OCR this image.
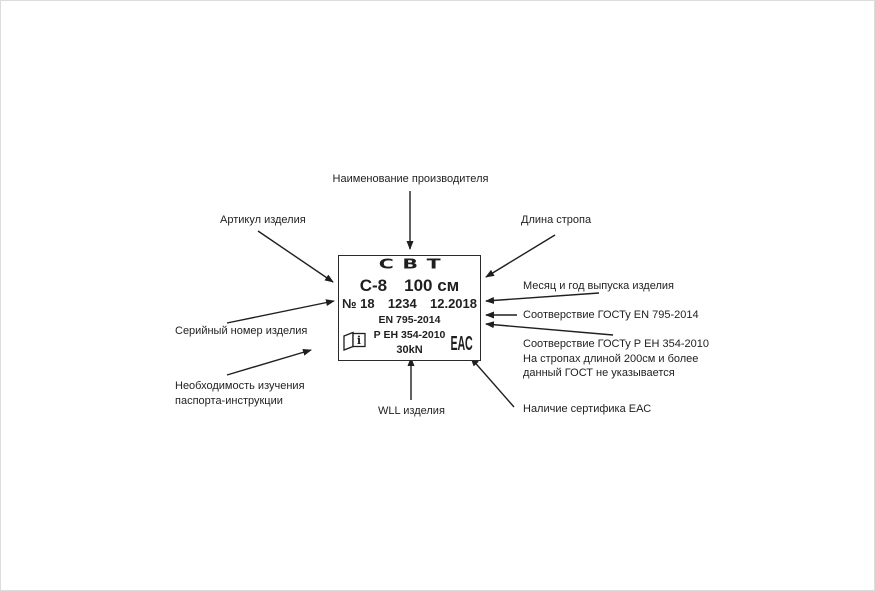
Наименование производителя
Артикул изделия	Длина стропа
Месяц и год выпуска изделия
Соотверствие ГОСТу EN 795-2014
Соотверствие ГОСТу Р ЕН 354-2010
На стропах длиной 200см и более
данный ГОСТ не указывается
Наличие сертифика ЕАС
Серийный номер изделия
Необходимость изучения
паспорта-инструкции
WLL изделия
СВТ
С-8 100 см
№ 18 1234 12.2018
EN 795-2014
Р ЕН 354-2010
30kN
i	ЕАС
